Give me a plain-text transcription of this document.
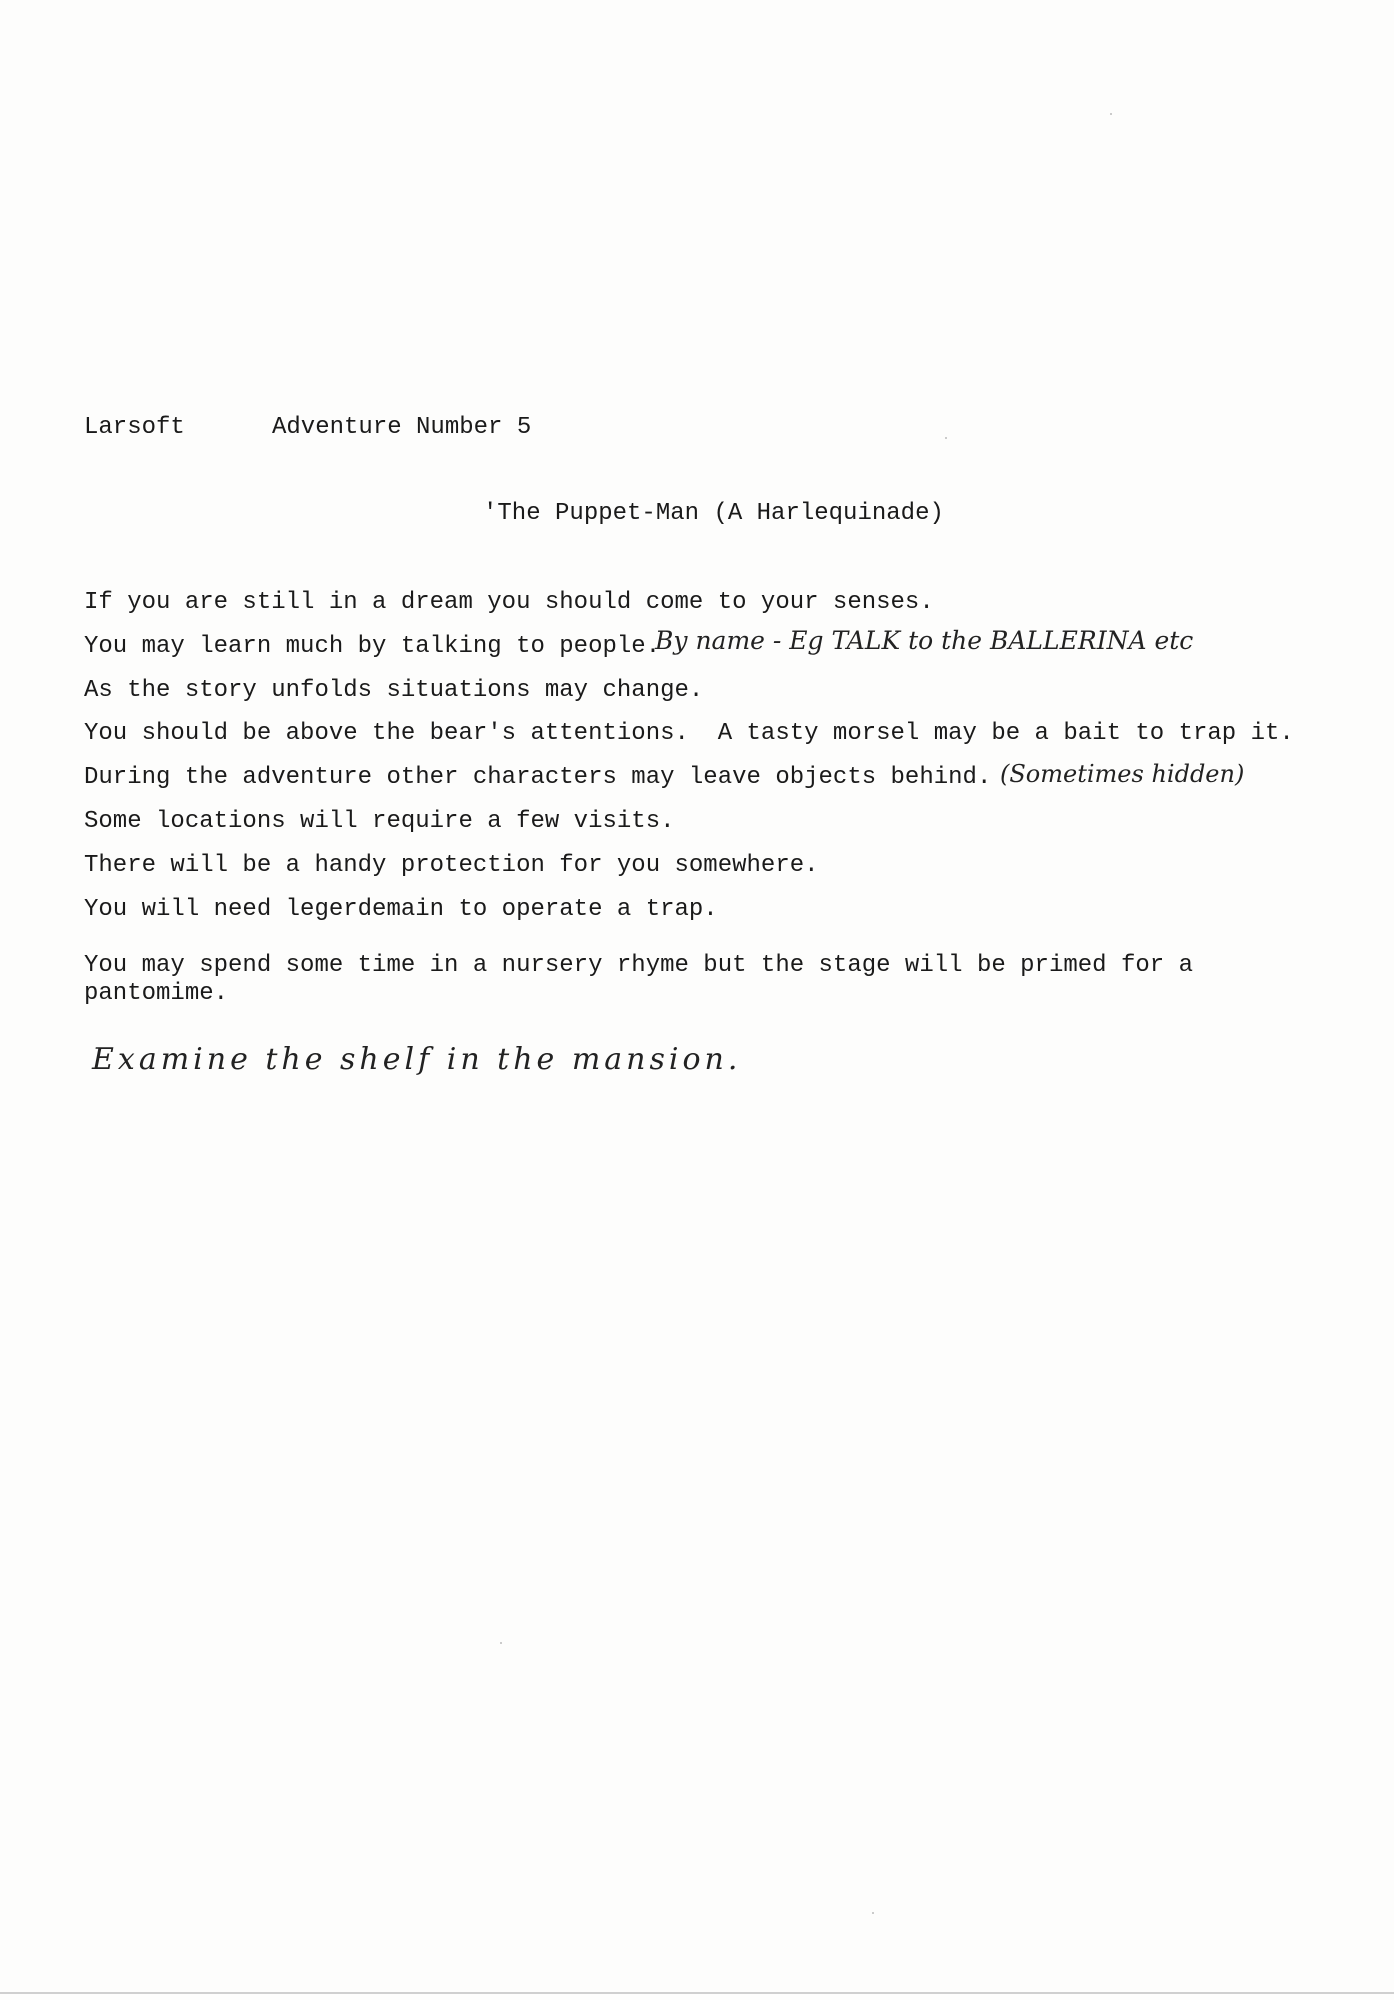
Larsoft	Adventure Number 5
'The Puppet-Man (A Harlequinade)
If you are still in a dream you should come to your senses.
You may learn much by talking to people.
By name - Eg TALK to the BALLERINA etc
As the story unfolds situations may change.
You should be above the bear's attentions.  A tasty morsel may be a bait to trap it.
During the adventure other characters may leave objects behind. (Sometimes hidden)
Some locations will require a few visits.
There will be a handy protection for you somewhere.
You will need legerdemain to operate a trap.
You may spend some time in a nursery rhyme but the stage will be primed for a
pantomime.
Examine the shelf in the mansion.
